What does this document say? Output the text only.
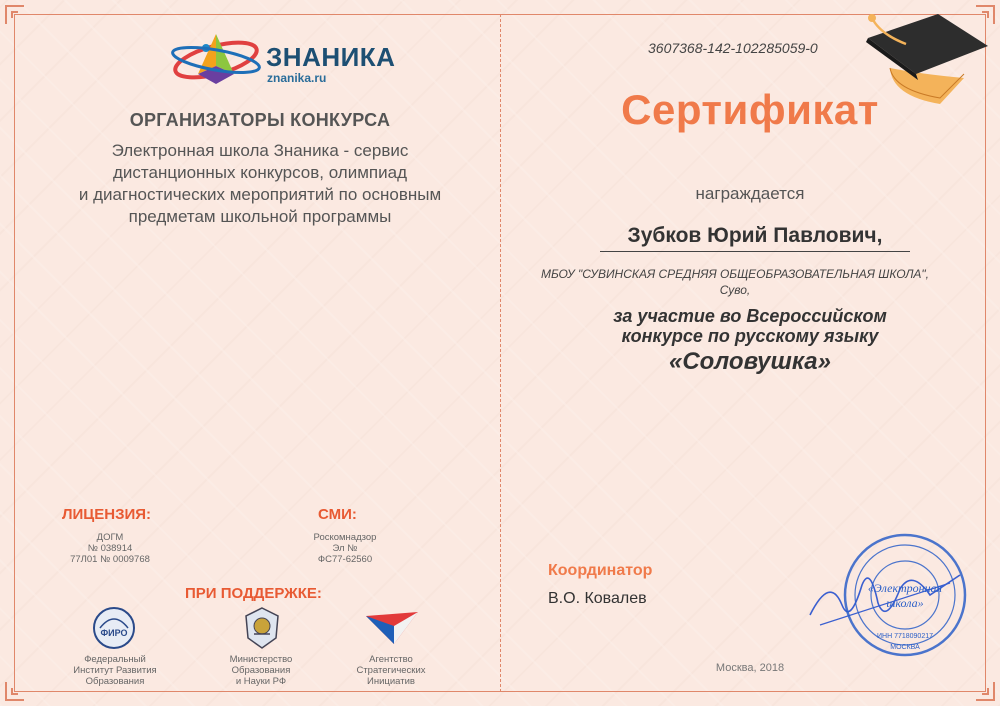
ЗНАНИКА
znanika.ru
ОРГАНИЗАТОРЫ КОНКУРСА
Электронная школа Знаника - сервис
дистанционных конкурсов, олимпиад
и диагностических мероприятий по основным
предметам школьной программы
ЛИЦЕНЗИЯ:
ДОГМ
№ 038914
77Л01 № 0009768
СМИ:
Роскомнадзор
Эл №
ФС77-62560
ПРИ ПОДДЕРЖКЕ:
ФИРО
Федеральный
Институт Развития
Образования
Министерство
Образования
и Науки РФ
Агентство
Стратегических
Инициатив
3607368-142-102285059-0
Сертификат
награждается
Зубков Юрий Павлович,
МБОУ "СУВИНСКАЯ СРЕДНЯЯ ОБЩЕОБРАЗОВАТЕЛЬНАЯ ШКОЛА",
Суво,
за участие во Всероссийском
конкурсе по русскому языку
«Соловушка»
Координатор
В.О. Ковалев
Москва, 2018
«Электронная
школа»
ИНН 7718090217
МОСКВА
